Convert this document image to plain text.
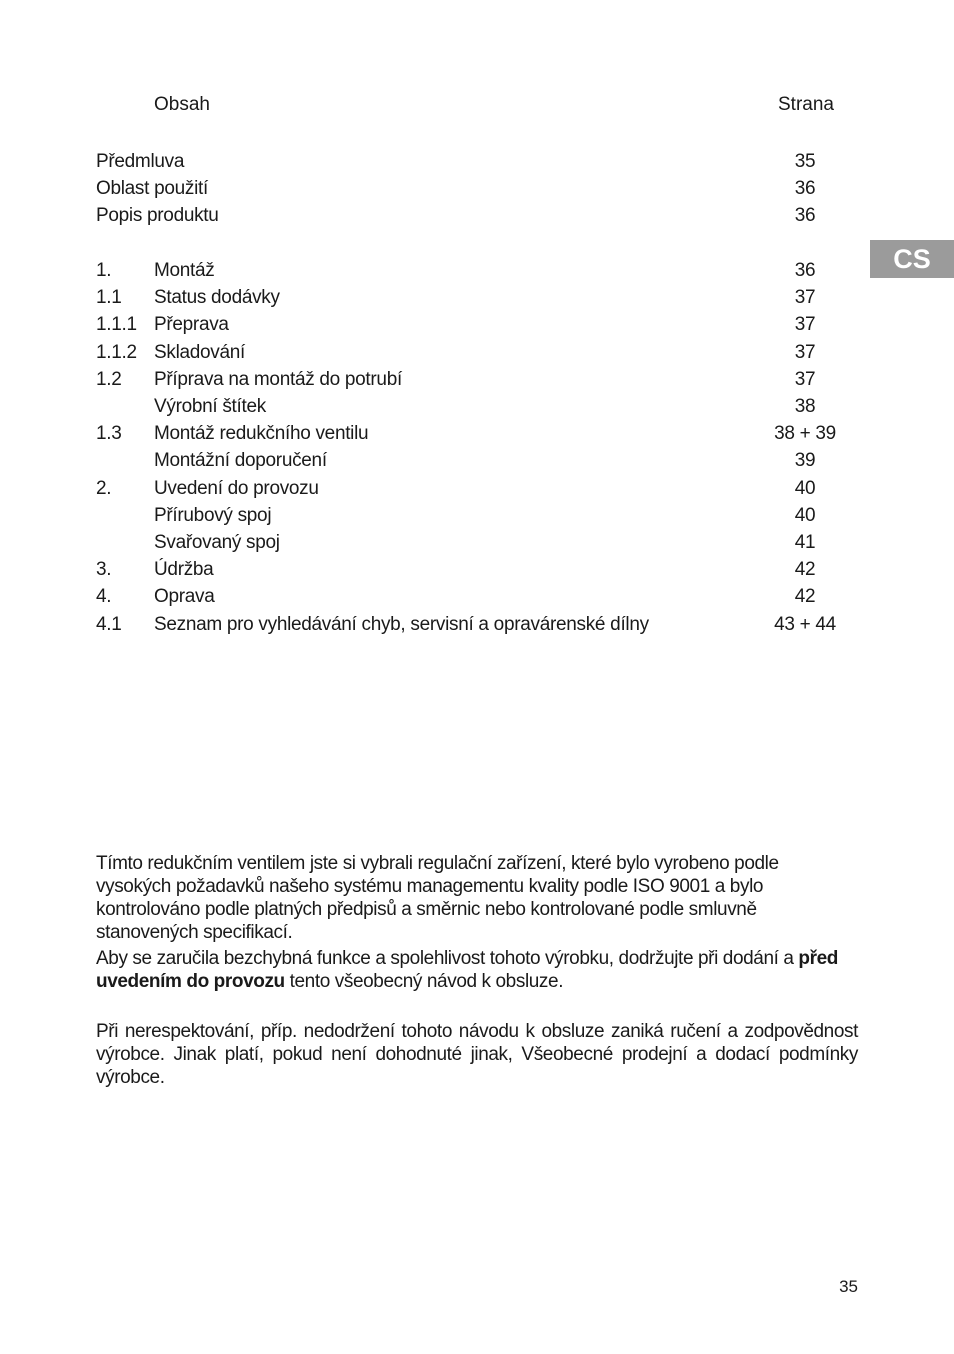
Obsah	Strana
Předmluva	35
Oblast použití	36
Popis produktu	36
1. Montáž	36
1.1 Status dodávky	37
1.1.1 Přeprava	37
1.1.2 Skladování	37
1.2 Příprava na montáž do potrubí	37
Výrobní štítek	38
1.3 Montáž redukčního ventilu	38 + 39
Montážní doporučení	39
2. Uvedení do provozu	40
Přírubový spoj	40
Svařovaný spoj	41
3. Údržba	42
4. Oprava	42
4.1 Seznam pro vyhledávání chyb, servisní a opravárenské dílny	43 + 44
CS

Tímto redukčním ventilem jste si vybrali regulační zařízení, které bylo vyrobeno podle vysokých požadavků našeho systému managementu kvality podle ISO 9001 a bylo kontrolováno podle platných předpisů a směrnic nebo kontrolované podle smluvně stanovených specifikací.

Aby se zaručila bezchybná funkce a spolehlivost tohoto výrobku, dodržujte při dodání a před uvedením do provozu tento všeobecný návod k obsluze.

Při nerespektování, příp. nedodržení tohoto návodu k obsluze zaniká ručení a zodpovědnost výrobce. Jinak platí, pokud není dohodnuté jinak, Všeobecné prodejní a dodací podmínky výrobce.

35
